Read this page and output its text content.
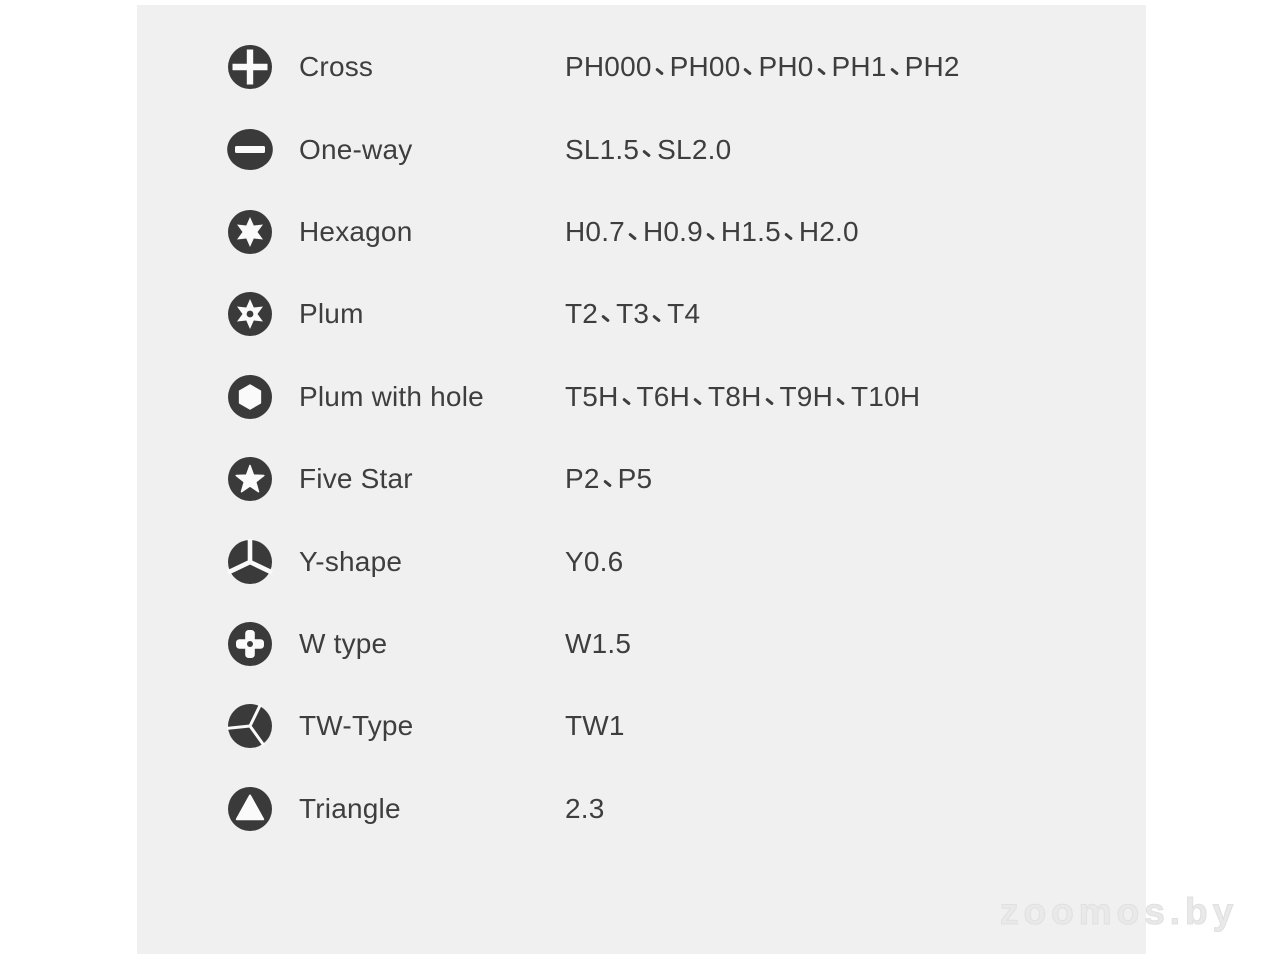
Cross	PH000 PH00 PH0 PH1 PH2
One-way	SL1.5 SL2.0
Hexagon	H0.7 H0.9 H1.5 H2.0
Plum	T2 T3 T4
Plum with hole	T5H T6H T8H T9H T10H
Five Star	P2 P5
Y-shape	Y0.6
W type	W1.5
TW-Type	TW1
Triangle	2.3
zoomos.by
